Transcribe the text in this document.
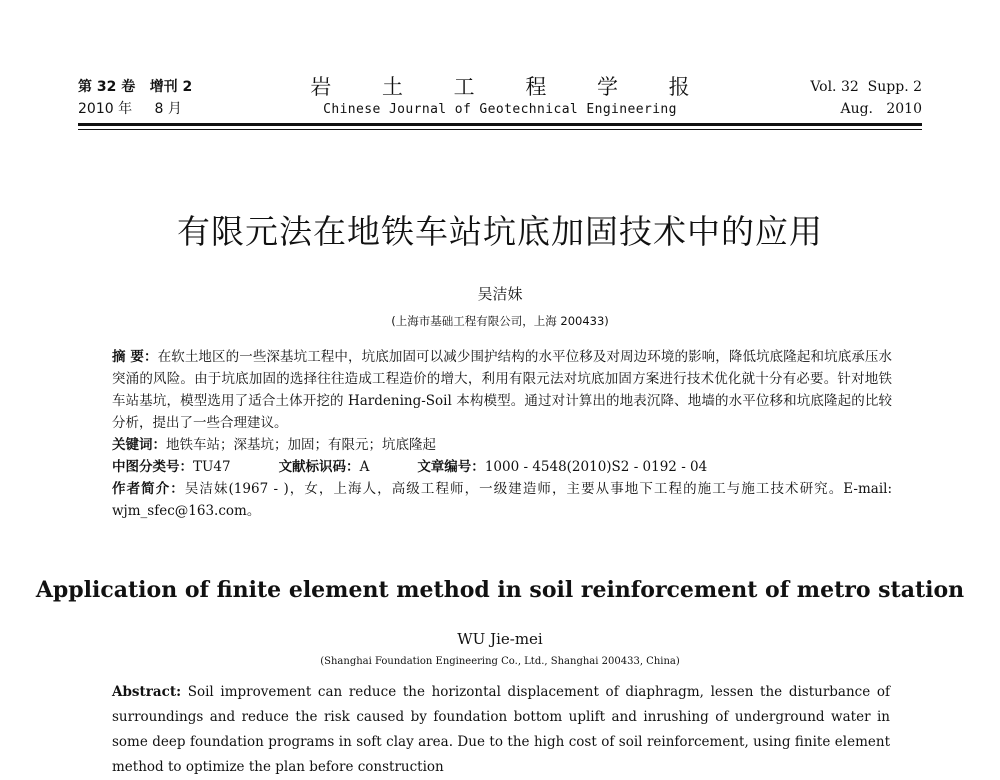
第 32 卷 增刊 2
2010 年 8 月
岩 土 工 程 学 报
Chinese Journal of Geotechnical Engineering
Vol. 32  Supp. 2
Aug.   2010
有限元法在地铁车站坑底加固技术中的应用
吴洁妹
(上海市基础工程有限公司，上海 200433)
摘 要：在软土地区的一些深基坑工程中，坑底加固可以减少围护结构的水平位移及对周边环境的影响，降低坑底隆起和坑底承压水突涌的风险。由于坑底加固的选择往往造成工程造价的增大，利用有限元法对坑底加固方案进行技术优化就十分有必要。针对地铁车站基坑，模型选用了适合土体开挖的 Hardening-Soil 本构模型。通过对计算出的地表沉降、地墙的水平位移和坑底隆起的比较分析，提出了一些合理建议。
关键词：地铁车站；深基坑；加固；有限元；坑底隆起
中图分类号：TU47	文献标识码：A	文章编号：1000 - 4548(2010)S2 - 0192 - 04
作者简介：吴洁妹(1967 - )，女，上海人，高级工程师，一级建造师，主要从事地下工程的施工与施工技术研究。E-mail: wjm_sfec@163.com。
Application of finite element method in soil reinforcement of metro station
WU Jie-mei
(Shanghai Foundation Engineering Co., Ltd., Shanghai 200433, China)
Abstract: Soil improvement can reduce the horizontal displacement of diaphragm, lessen the disturbance of surroundings and reduce the risk caused by foundation bottom uplift and inrushing of underground water in some deep foundation programs in soft clay area. Due to the high cost of soil reinforcement, using finite element method to optimize the plan before construction
